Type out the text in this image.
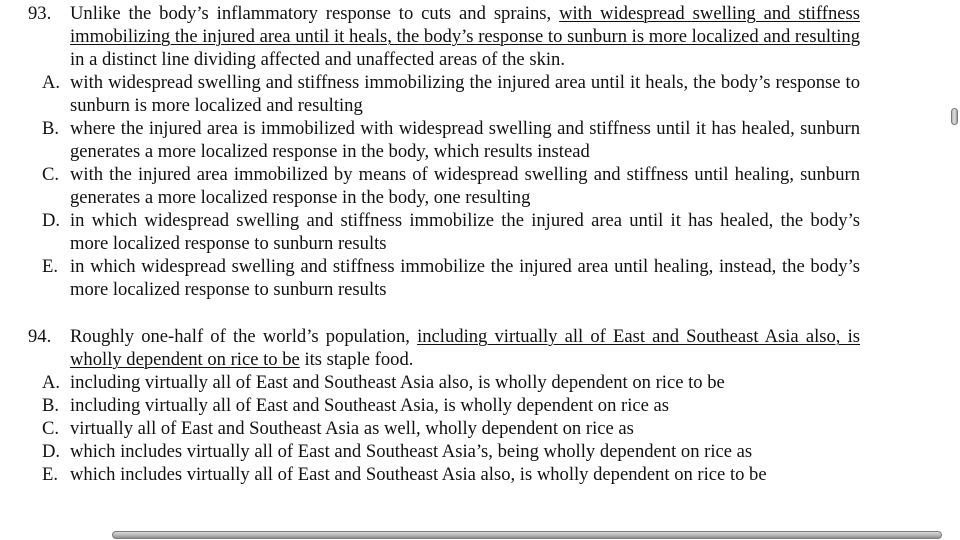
93. Unlike the body’s inflammatory response to cuts and sprains, with widespread swelling and stiffness immobilizing the injured area until it heals, the body’s response to sunburn is more localized and resulting in a distinct line dividing affected and unaffected areas of the skin.
A. with widespread swelling and stiffness immobilizing the injured area until it heals, the body’s response to sunburn is more localized and resulting
B. where the injured area is immobilized with widespread swelling and stiffness until it has healed, sunburn generates a more localized response in the body, which results instead
C. with the injured area immobilized by means of widespread swelling and stiffness until healing, sunburn generates a more localized response in the body, one resulting
D. in which widespread swelling and stiffness immobilize the injured area until it has healed, the body’s more localized response to sunburn results
E. in which widespread swelling and stiffness immobilize the injured area until healing, instead, the body’s more localized response to sunburn results
94. Roughly one-half of the world’s population, including virtually all of East and Southeast Asia also, is wholly dependent on rice to be its staple food.
A. including virtually all of East and Southeast Asia also, is wholly dependent on rice to be
B. including virtually all of East and Southeast Asia, is wholly dependent on rice as
C. virtually all of East and Southeast Asia as well, wholly dependent on rice as
D. which includes virtually all of East and Southeast Asia’s, being wholly dependent on rice as
E. which includes virtually all of East and Southeast Asia also, is wholly dependent on rice to be
